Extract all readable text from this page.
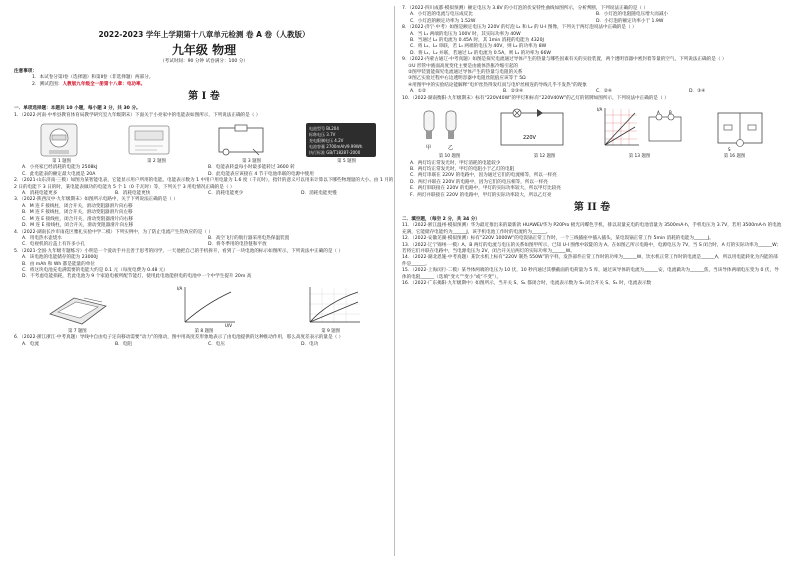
2022-2023 学年上学期第十八章单元检测 卷 A 卷（人教版）
九年级 物理
（考试时间：90 分钟 试卷满分：100 分）
注意事项：
1．本试卷分第Ⅰ卷（选择题）和第Ⅱ卷（非选择题）两部分。
2．测试范围：人教版九年级全一册第十八章：电功率。
第 I 卷
一．单项选择题：本题共 10 小题，每小题 3 分，共 30 分。

1．（2022·河南·中牟县教育体育局教学研究室九年级期末）下面关于小亮家中的电能表如图所示，下列说法正确的是（ ）

电池型号 BL204
标称电压 3.7V
充电限制电压 4.2V
电池容量 2700mAh/9.99Wh
执行标准 GB/T18287-2000
第 1 题图	第 2 题图	第 3 题图	第 5 题图
A．小亮家已经消耗的电能为 2508kJ	B．电能表转盘每小时最多能转过 3600 转
C．此电能表的额定最大电流是 20A	D．此电能表应该接在 4 节干电池串联的电源中使用

2．（2021·山东济南·三模）如图为某智能电表，它能显示用户所用的电能。电能表示数为 1 中用户用电量为 1.6 度（千瓦时），指针的意义可以用来计算以下哪些物理量的大小。由 1 月的 2 日的电能下 3 日的时，某电能表做功的电能为 5 个 1（0 千瓦时）等，下列关于 3 用电情况正确的是（ ）

A．消耗电能更多	B．消耗电能更快	C．消耗电能更少	D．消耗电能更慢

3．（2022·陕西汉中·九年级期末）如图所示电路中，关于下列说法正确的是（ ）

A．M 连 F 接线柱，闭合开关，滑动变阻器滑片向右移
B．M 连 F 接线柱，闭合开关，滑动变阻器滑片向左移
C．M 连 E 接线柱，闭合开关，滑动变阻器滑片向右移
D．M 连 E 接线柱，闭合开关，滑动变阻器滑片向左移

4．（2022·湖南长沙市雨花区雅礼实验中学二模）下列实例中，为了防止电流产生热效应的是（ ）

A．用电热水壶烧水	B．高空飞行的航行器采用电热保温装置
C．电视机的后盖上有许多小孔	D．将冬季用的电热毯和平放

5．（2021·全国·九年级专题练习）小明是一个爱动手并且善于思考的同学，一天他把自己的手机拆开，看到了一块电池的标示如图所示，下列说法中正确的是（ ）

A．该电池的电能储存的能为 23000J
B．由 mAh 和 Wh 都是能量的单位
C．将这块电池充电满需要的电能大约是 0.1 元（每度电费为 0.48 元）
D．不考虑电能损耗，若此电池为 9 个家庭电板所配节能灯，使用此电池能供电的电池中一个中学生提升 20m 高
I/A
U/V
第 7 题图	第 8 题图	第 9 题图

6．（2022·浙江浙江·中考真题）导线中自由电子定向移动需要“动力”的推动，图中用高度差形象地表示了由电池提供的这种推动作用，那么高度差表示的量是（ ）

A．电流	B．电阻	C．电压	D．电功

7．（2022·四川成都·模拟预测）额定电压为 3.8V 的小灯泡的伏安特性曲线如图所示，分析判断，下列说法正确的是（ ）

A．小灯泡的电流与电压成反比	B．小灯泡的电阻随电压增大而减小
C．小灯泡的额定功率为 1.52W	D．小灯泡的额定功率小于 1.9W

8．（2022·济宁·中考）如图是额定电压为 220V 的灯泡 L₁ 和 L₂ 的 U-I 图像，下列关于两灯泡说法中正确的是（ ）

A．当 L₁ 两端的电压为 100V 时，其实际功率为 40W
B．当通过 L₂ 的电流为 0.45A 时，其 1min 消耗的电能为 4320J
C．将 L₁、L₂ 串联，若 L₁ 两端的电压为 40V，则 L₂ 的功率为 8W
D．将 L₁、L₂ 并联，若通过 L₂ 的电流为 0.5A，则 L₁ 的功率为 66W

9．（2022·内蒙古通辽·中考真题）如图是探究电流通过导体产生的热量与哪些因素有关的实验装置，两个透明容器中密封着等量的空气，下列说法正确的是（ ）

①U 形管中液面高度变化主要是由液体热胀冷缩引起的
②图甲装置能探究电流通过导体产生的热量与电阻的关系
③图乙实验过程中右边透明容器中电阻丝阻值应该等于 5Ω
④用图甲中的实验结论能解释“电炉丝热得发红而与电炉丝相连的导线几乎不发热”的现象
A．①②	B．②③④	C．②④	D．③④

10．（2022·湖南衡阳·九年级期末）标有“220V40W”的甲灯和标有“220V40W”的乙灯的铭牌如图所示，下列说法中正确的是（ ）

甲	乙
220V
I/A
A B
S
第 10 题图	第 12 题图	第 13 题图	第 16 题图
A．两灯均正常发光时，甲灯消耗的电能较少
B．两灯均正常发光时，甲灯的电阻小于乙灯的电阻
C．两灯串联在 220V 的电路中，因为通过它们的电流相等，所以一样亮
D．两灯并联在 220V 的电路中，因为它们的电压相等，所以一样亮
E．两灯串联接在 220V 的电路中，甲灯的实际功率较大，所以甲灯比较亮
F．两灯并联接在 220V 的电路中，甲灯的实际功率较大，所以乙灯亮
第 II 卷
二．填空题，（每空 2 分，共 34 分）

11．（2022·浙江温州·模拟预测）华为最近推出来的最新款 HUAWEI/华为 P20Pro 极光闪蝶色手机，排以双量充电的电池容量为 3500mA·h，手机电压为 3.7V，若用 3500mA·h 的电池充满，它能储存电能约为______J，该手机电池工作时的电流约为______。

12．（2022·安徽芜湖·模拟预测）标有“220V 1000W”的电饭锅正常工作时，一个三线插座中插入插头，某电饭锅正常工作 5min 消耗的电能为______J。

13．（2022·辽宁锦州·一模）A、B 两灯的电流与电压的关系如图甲所示，已知 U-I 图像中较陡的为 A。在如图乙所示电路中，电源电压为 7V，当 S 闭合时，A 灯的实际功率为______W；若将它们并联在电路中，当电源电压为 2V，闭合开关后两灯的实际功率为______W。

14．（2022·湖北恩施·中考真题）某饮水机上标有“220V 制热 550W”的字样，发热部件正常工作时的功率为______W，饮水机正常工作时的电流是______A，所以用电能转化为内能的部件是______。

15．（2022·上海闵行·二模）某导体两端的电压为 10 伏，10 秒内通过其横截面的电荷量为 5 库，通过该导体的电流为______安，电流做功为______焦，当该导体两端电压变为 0 伏，导体的电阻______（选填“变大”“变小”或“不变”）。

16．（2022·广东揭阳·九年级期中）如图所示，当开关 S、S₁ 都闭合时，电流表示数为 S₁ 闭合开关 S、S₁ 时，电流表示数
